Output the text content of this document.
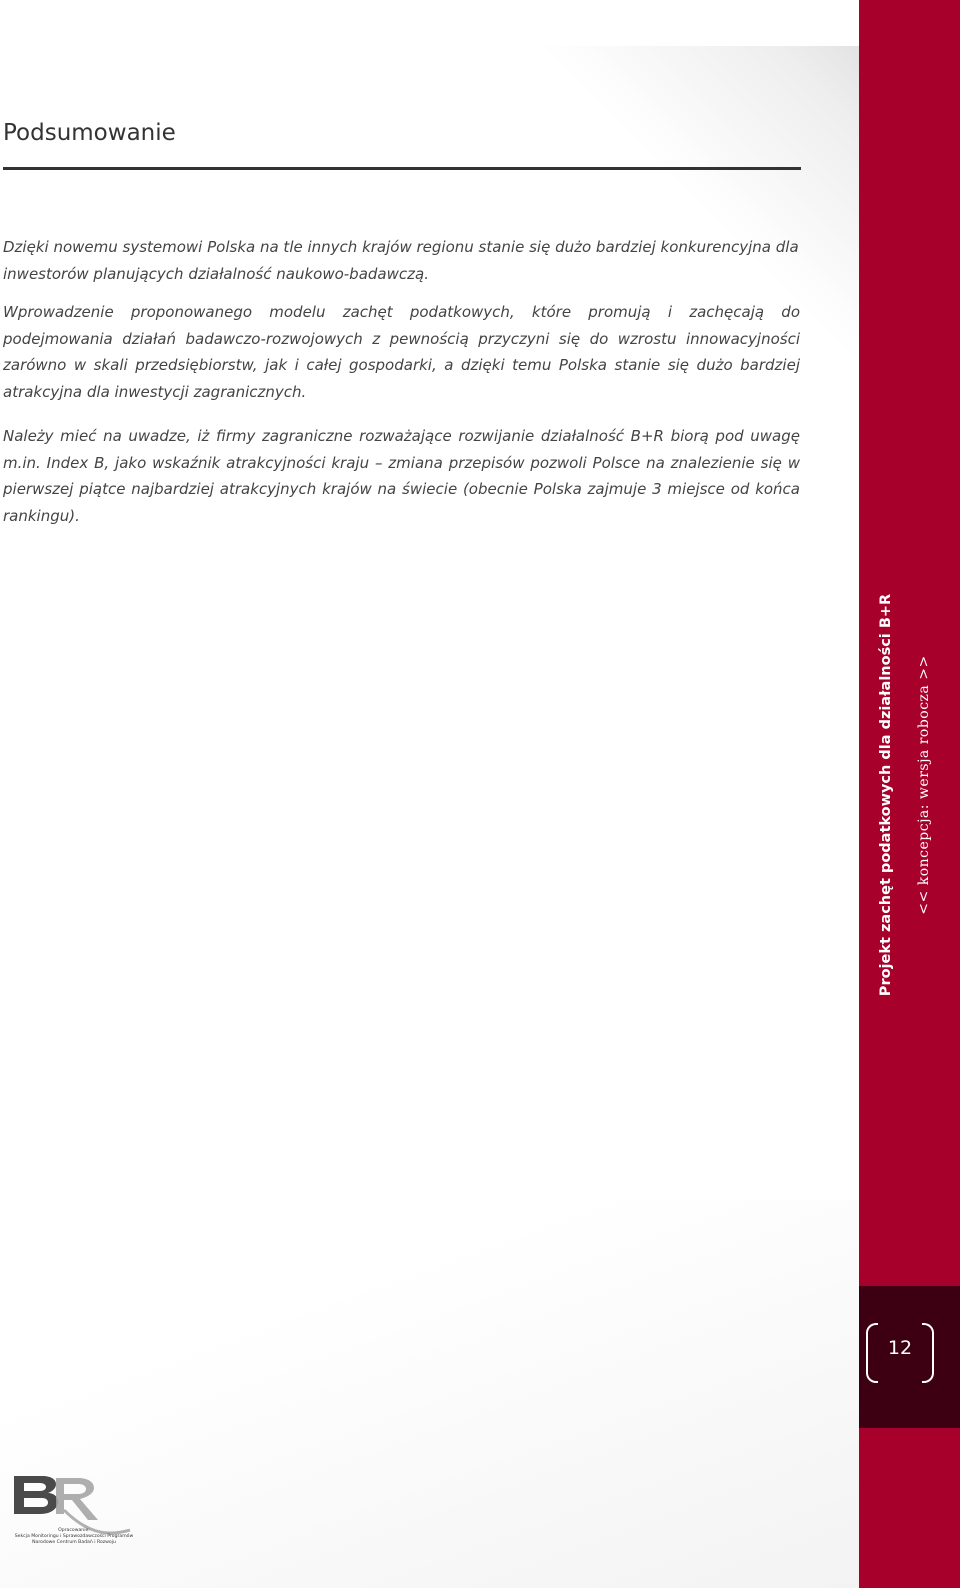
12
Projekt zachęt podatkowych dla działalności B+R << koncepcja: wersja robocza >>
Podsumowanie

Dzięki nowemu systemowi Polska na tle innych krajów regionu stanie się dużo bardziej konkurencyjna dla inwestorów planujących działalność naukowo-badawczą.

Wprowadzenie proponowanego modelu zachęt podatkowych, które promują i zachęcają do podejmowania działań badawczo-rozwojowych z pewnością przyczyni się do wzrostu innowacyjności zarówno w skali przedsiębiorstw, jak i całej gospodarki, a dzięki temu Polska stanie się dużo bardziej atrakcyjna dla inwestycji zagranicznych.

Należy mieć na uwadze, iż firmy zagraniczne rozważające rozwijanie działalność B+R biorą pod uwagę m.in. Index B, jako wskaźnik atrakcyjności kraju – zmiana przepisów pozwoli Polsce na znalezienie się w pierwszej piątce najbardziej atrakcyjnych krajów na świecie (obecnie Polska zajmuje 3 miejsce od końca rankingu).

Opracowanie:
Sekcja Monitoringu i Sprawozdawczości Programów
Narodowe Centrum Badań i Rozwoju
